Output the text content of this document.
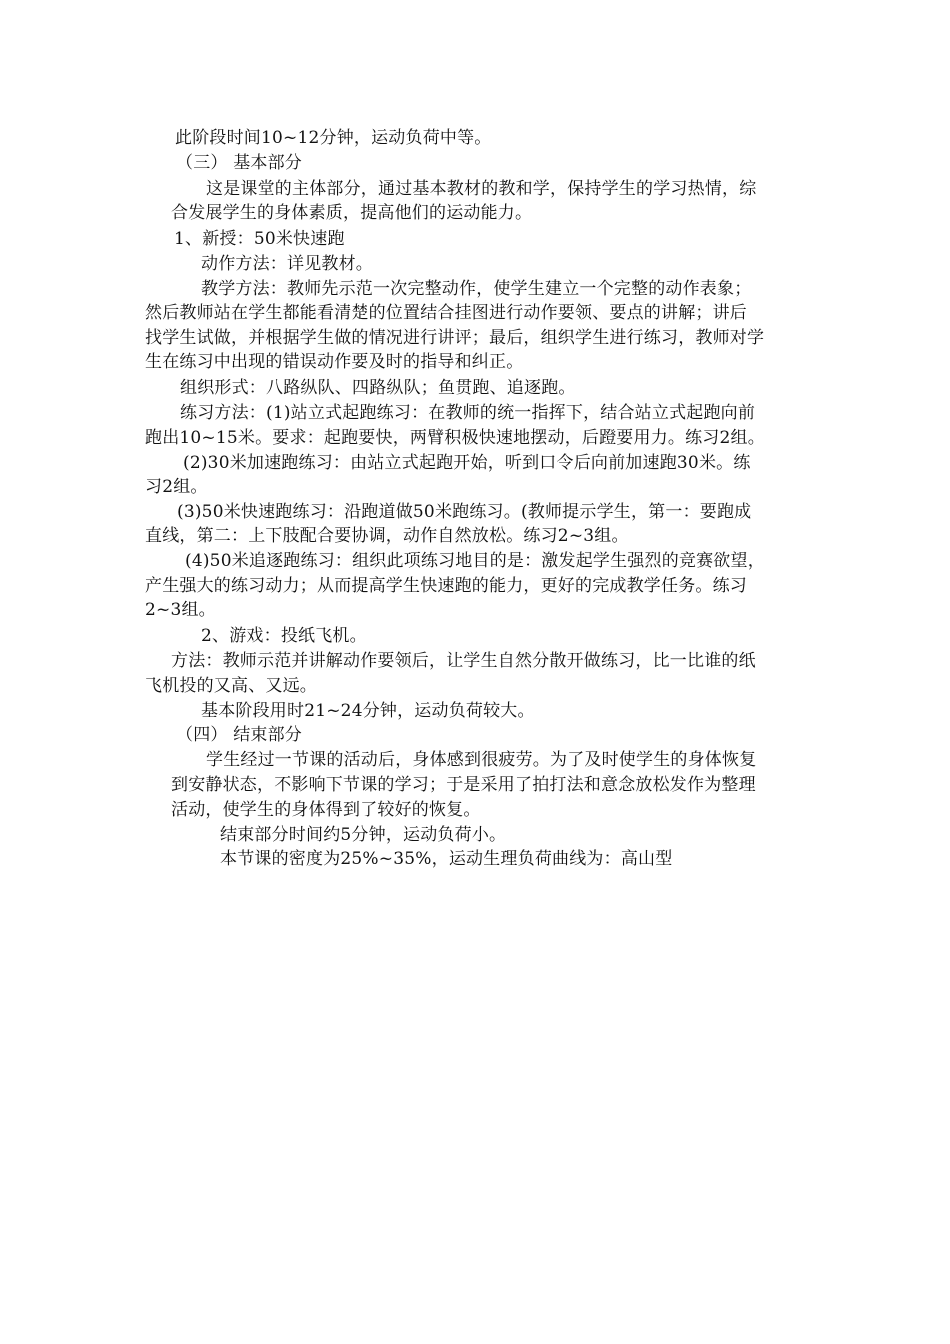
此阶段时间10~12分钟，运动负荷中等。

（三） 基本部分

这是课堂的主体部分，通过基本教材的教和学，保持学生的学习热情，综

合发展学生的身体素质，提高他们的运动能力。

1、新授：50米快速跑

动作方法：详见教材。

教学方法：教师先示范一次完整动作，使学生建立一个完整的动作表象；

然后教师站在学生都能看清楚的位置结合挂图进行动作要领、要点的讲解；讲后

找学生试做，并根据学生做的情况进行讲评；最后，组织学生进行练习，教师对学

生在练习中出现的错误动作要及时的指导和纠正。

组织形式：八路纵队、四路纵队；鱼贯跑、追逐跑。

练习方法：(1)站立式起跑练习：在教师的统一指挥下，结合站立式起跑向前

跑出10~15米。要求：起跑要快，两臂积极快速地摆动，后蹬要用力。练习2组。

(2)30米加速跑练习：由站立式起跑开始，听到口令后向前加速跑30米。练

习2组。

(3)50米快速跑练习：沿跑道做50米跑练习。(教师提示学生，第一：要跑成

直线，第二：上下肢配合要协调，动作自然放松。练习2~3组。

(4)50米追逐跑练习：组织此项练习地目的是：激发起学生强烈的竞赛欲望，

产生强大的练习动力；从而提高学生快速跑的能力，更好的完成教学任务。练习

2~3组。

2、游戏：投纸飞机。

方法：教师示范并讲解动作要领后，让学生自然分散开做练习，比一比谁的纸

飞机投的又高、又远。

基本阶段用时21~24分钟，运动负荷较大。

（四） 结束部分

学生经过一节课的活动后，身体感到很疲劳。为了及时使学生的身体恢复

到安静状态，不影响下节课的学习；于是采用了拍打法和意念放松发作为整理

活动，使学生的身体得到了较好的恢复。

结束部分时间约5分钟，运动负荷小。

本节课的密度为25%~35%，运动生理负荷曲线为：高山型
